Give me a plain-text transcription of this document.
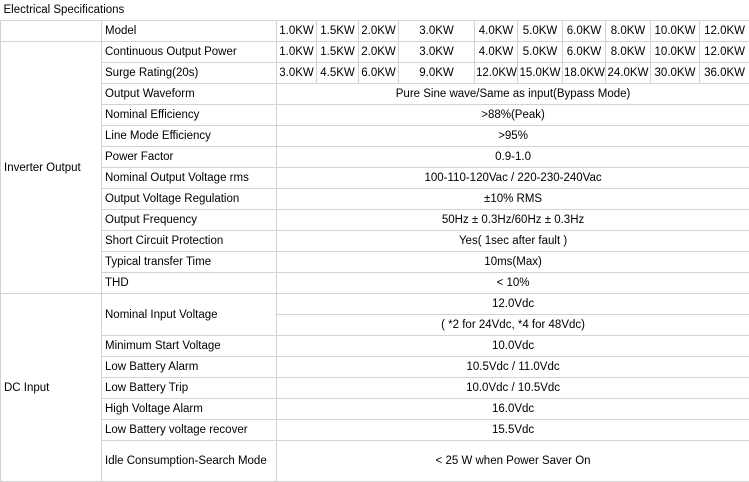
Electrical Specifications											
	Model	1.0KW	1.5KW	2.0KW	3.0KW	4.0KW	5.0KW	6.0KW	8.0KW	10.0KW	12.0KW
Inverter Output	Continuous Output Power	1.0KW	1.5KW	2.0KW	3.0KW	4.0KW	5.0KW	6.0KW	8.0KW	10.0KW	12.0KW
	Surge Rating(20s)	3.0KW	4.5KW	6.0KW	9.0KW	12.0KW	15.0KW	18.0KW	24.0KW	30.0KW	36.0KW
	Output Waveform	Pure Sine wave/Same as input(Bypass Mode)									
	Nominal Efficiency	>88%(Peak)									
	Line Mode Efficiency	>95%									
	Power Factor	0.9-1.0									
	Nominal Output Voltage rms	100-110-120Vac / 220-230-240Vac									
	Output Voltage Regulation	±10% RMS									
	Output Frequency	50Hz ± 0.3Hz/60Hz ± 0.3Hz									
	Short Circuit Protection	Yes( 1sec after fault )									
	Typical transfer Time	10ms(Max)									
	THD	< 10%									
DC Input	Nominal Input Voltage	12.0Vdc									
		( *2 for 24Vdc, *4 for 48Vdc)									
	Minimum Start Voltage	10.0Vdc									
	Low Battery Alarm	10.5Vdc / 11.0Vdc									
	Low Battery Trip	10.0Vdc / 10.5Vdc									
	High Voltage Alarm	16.0Vdc									
	Low Battery voltage recover	15.5Vdc									
	Idle Consumption-Search Mode	< 25 W when Power Saver On									
